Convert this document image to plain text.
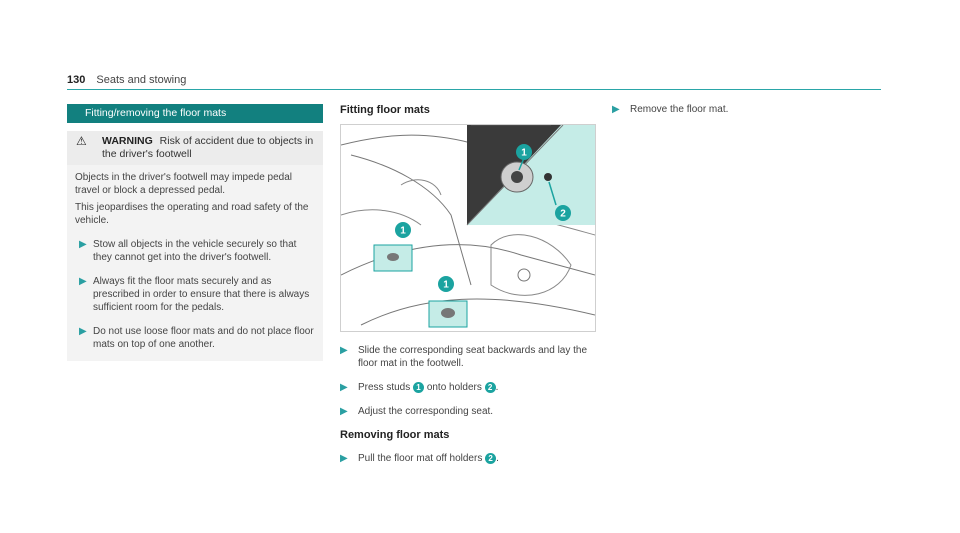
130 Seats and stowing
Fitting/removing the floor mats
⚠	WARNING Risk of accident due to objects in the driver's footwell

Objects in the driver's footwell may impede pedal travel or block a depressed pedal.

This jeopardises the operating and road safety of the vehicle.

▶ Stow all objects in the vehicle securely so that they cannot get into the driver's footwell.
▶ Always fit the floor mats securely and as prescribed in order to ensure that there is always sufficient room for the pedals.
▶ Do not use loose floor mats and do not place floor mats on top of one another.
Fitting floor mats
1
2
1
1
▶	Slide the corresponding seat backwards and lay the floor mat in the footwell.
▶	Press studs 1 onto holders 2 .
▶	Adjust the corresponding seat.
Removing floor mats
▶	Pull the floor mat off holders 2 .
▶	Remove the floor mat.
